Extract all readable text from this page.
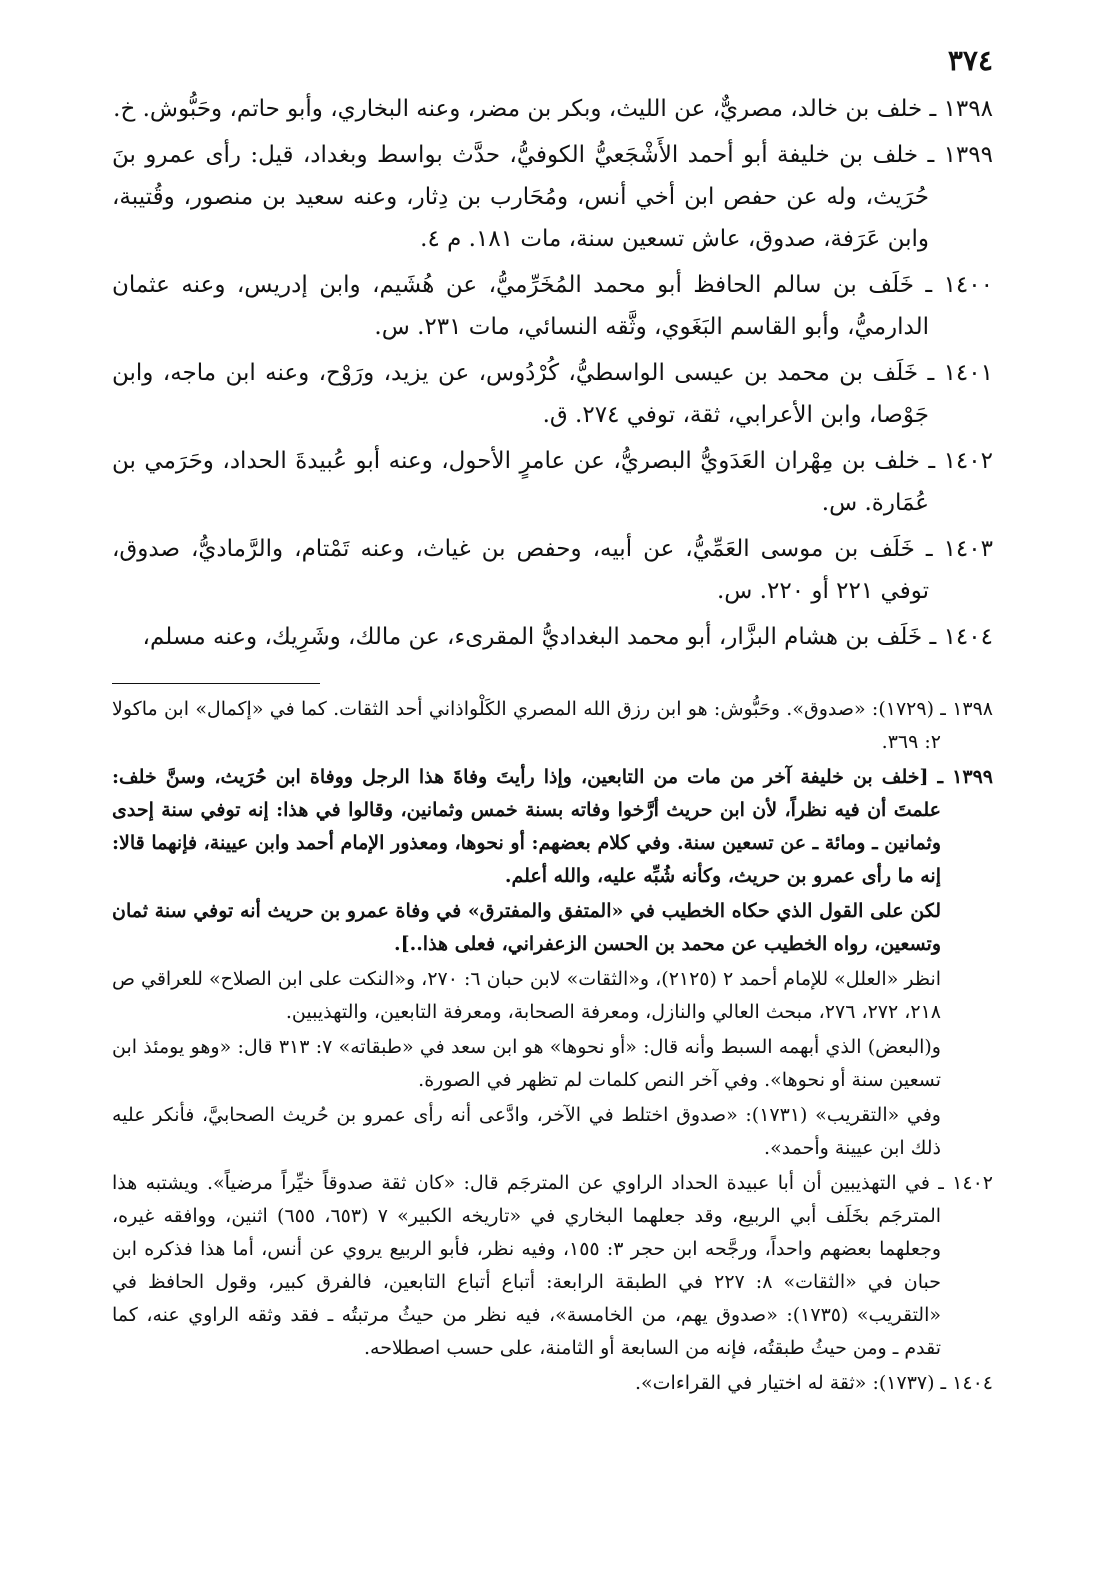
٣٧٤

١٣٩٨ ـ خلف بن خالد، مصريٌّ، عن الليث، وبكر بن مضر، وعنه البخاري، وأبو حاتم، وحَبُّوش. خ.

١٣٩٩ ـ خلف بن خليفة أبو أحمد الأَشْجَعيُّ الكوفيُّ، حدَّث بواسط وبغداد، قيل: رأى عمرو بنَ حُرَيث، وله عن حفص ابن أخي أنس، ومُحَارب بن دِثار، وعنه سعيد بن منصور، وقُتيبة، وابن عَرَفة، صدوق، عاش تسعين سنة، مات ١٨١. م ٤.

١٤٠٠ ـ خَلَف بن سالم الحافظ أبو محمد المُخَرِّميُّ، عن هُشَيم، وابن إدريس، وعنه عثمان الدارميُّ، وأبو القاسم البَغَوي، وثَّقه النسائي، مات ٢٣١. س.

١٤٠١ ـ خَلَف بن محمد بن عيسى الواسطيُّ، كُرْدُوس، عن يزيد، ورَوْح، وعنه ابن ماجه، وابن جَوْصا، وابن الأعرابي، ثقة، توفي ٢٧٤. ق.

١٤٠٢ ـ خلف بن مِهْران العَدَويُّ البصريُّ، عن عامرٍ الأحول، وعنه أبو عُبيدةَ الحداد، وحَرَمي بن عُمَارة. س.

١٤٠٣ ـ خَلَف بن موسى العَمِّيُّ، عن أبيه، وحفص بن غياث، وعنه تَمْتام، والرَّماديُّ، صدوق، توفي ٢٢١ أو ٢٢٠. س.

١٤٠٤ ـ خَلَف بن هشام البزَّار، أبو محمد البغداديُّ المقرىء، عن مالك، وشَرِيك، وعنه مسلم،

١٣٩٨ ـ (١٧٢٩): «صدوق». وحَبُّوش: هو ابن رزق الله المصري الكَلْواذاني أحد الثقات. كما في «إكمال» ابن ماكولا ٢: ٣٦٩.

١٣٩٩ ـ [خلف بن خليفة آخر من مات من التابعين، وإذا رأيتَ وفاةَ هذا الرجل ووفاة ابن حُرَيث، وسنَّ خلف: علمتَ أن فيه نظراً، لأن ابن حريث أرَّخوا وفاته بسنة خمس وثمانين، وقالوا في هذا: إنه توفي سنة إحدى وثمانين ـ ومائة ـ عن تسعين سنة. وفي كلام بعضهم: أو نحوها، ومعذور الإمام أحمد وابن عيينة، فإنهما قالا: إنه ما رأى عمرو بن حريث، وكأنه شُبِّه عليه، والله أعلم.

لكن على القول الذي حكاه الخطيب في «المتفق والمفترق» في وفاة عمرو بن حريث أنه توفي سنة ثمان وتسعين، رواه الخطيب عن محمد بن الحسن الزعفراني، فعلى هذا..].

انظر «العلل» للإمام أحمد ٢ (٢١٢٥)، و«الثقات» لابن حبان ٦: ٢٧٠، و«النكت على ابن الصلاح» للعراقي ص ٢١٨، ٢٧٢، ٢٧٦، مبحث العالي والنازل، ومعرفة الصحابة، ومعرفة التابعين، والتهذيبين.

و(البعض) الذي أبهمه السبط وأنه قال: «أو نحوها» هو ابن سعد في «طبقاته» ٧: ٣١٣ قال: «وهو يومئذ ابن تسعين سنة أو نحوها». وفي آخر النص كلمات لم تظهر في الصورة.

وفي «التقريب» (١٧٣١): «صدوق اختلط في الآخر، وادَّعى أنه رأى عمرو بن حُريث الصحابيَّ، فأنكر عليه ذلك ابن عيينة وأحمد».

١٤٠٢ ـ في التهذيبين أن أبا عبيدة الحداد الراوي عن المترجَم قال: «كان ثقة صدوقاً خيِّراً مرضياً». ويشتبه هذا المترجَم بخَلَف أبي الربيع، وقد جعلهما البخاري في «تاريخه الكبير» ٧ (٦٥٣، ٦٥٥) اثنين، ووافقه غيره، وجعلهما بعضهم واحداً، ورجَّحه ابن حجر ٣: ١٥٥، وفيه نظر، فأبو الربيع يروي عن أنس، أما هذا فذكره ابن حبان في «الثقات» ٨: ٢٢٧ في الطبقة الرابعة: أتباع أتباع التابعين، فالفرق كبير، وقول الحافظ في «التقريب» (١٧٣٥): «صدوق يهم، من الخامسة»، فيه نظر من حيثُ مرتبتُه ـ فقد وثقه الراوي عنه، كما تقدم ـ ومن حيثُ طبقتُه، فإنه من السابعة أو الثامنة، على حسب اصطلاحه.

١٤٠٤ ـ (١٧٣٧): «ثقة له اختيار في القراءات».
